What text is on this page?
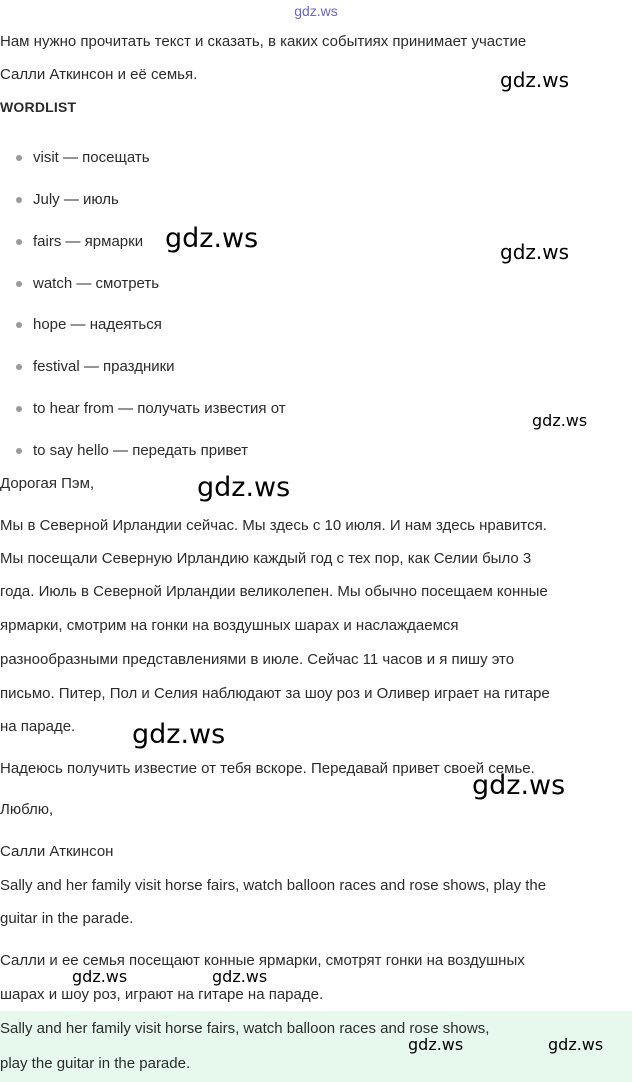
gdz.ws
Нам нужно прочитать текст и сказать, в каких событиях принимает участие
Салли Аткинсон и её семья.
WORDLIST
visit — посещать
July — июль
fairs — ярмарки
watch — смотреть
hope — надеяться
festival — праздники
to hear from — получать известия от
to say hello — передать привет
Дорогая Пэм,
Мы в Северной Ирландии сейчас. Мы здесь с 10 июля. И нам здесь нравится.
Мы посещали Северную Ирландию каждый год с тех пор, как Селии было 3
года. Июль в Северной Ирландии великолепен. Мы обычно посещаем конные
ярмарки, смотрим на гонки на воздушных шарах и наслаждаемся
разнообразными представлениями в июле. Сейчас 11 часов и я пишу это
письмо. Питер, Пол и Селия наблюдают за шоу роз и Оливер играет на гитаре
на параде.
Надеюсь получить известие от тебя вскоре. Передавай привет своей семье.
Люблю,
Салли Аткинсон
Sally and her family visit horse fairs, watch balloon races and rose shows, play the
guitar in the parade.
Салли и ее семья посещают конные ярмарки, смотрят гонки на воздушных
шарах и шоу роз, играют на гитаре на параде.
Sally and her family visit horse fairs, watch balloon races and rose shows,
play the guitar in the parade.
gdz.ws
gdz.ws	gdz.ws
gdz.ws
gdz.ws
gdz.ws
gdz.ws
gdz.ws	gdz.ws
gdz.ws	gdz.ws
